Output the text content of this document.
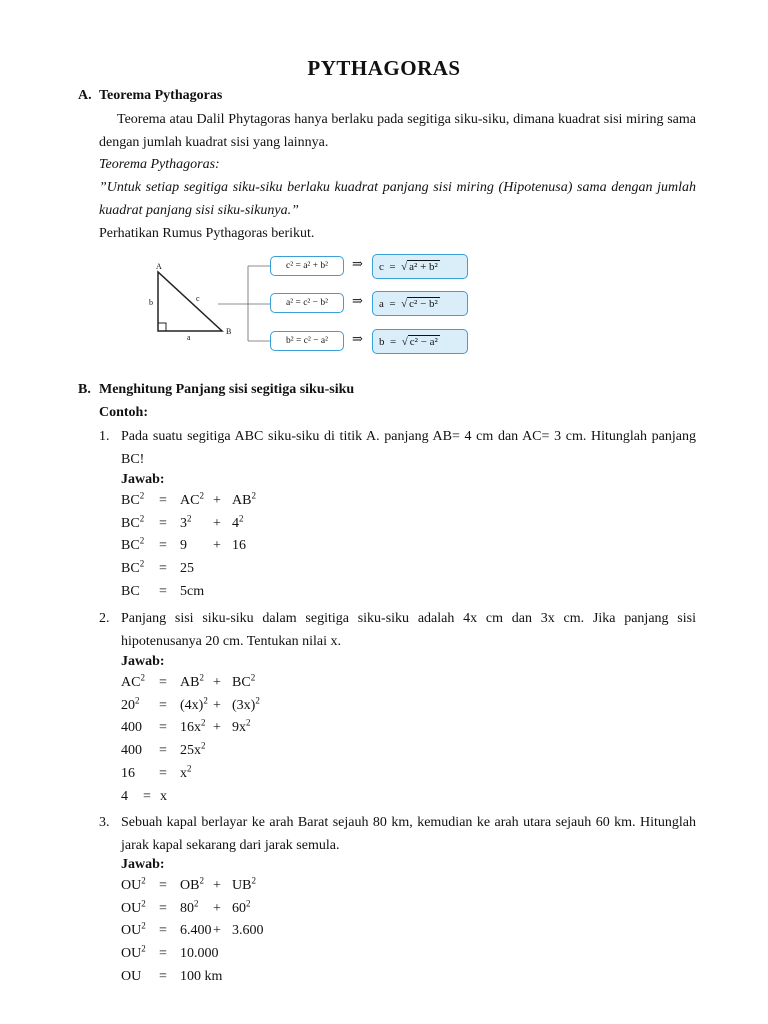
PYTHAGORAS
A. Teorema Pythagoras
Teorema atau Dalil Phytagoras hanya berlaku pada segitiga siku-siku, dimana kuadrat sisi miring sama dengan jumlah kuadrat sisi yang lainnya.
Teorema Pythagoras:
”Untuk setiap segitiga siku-siku berlaku kuadrat panjang sisi miring (Hipotenusa) sama dengan jumlah kuadrat panjang sisi siku-sikunya.”
Perhatikan Rumus Pythagoras berikut.
A
B
b	c
a
c² = a² + b² ⇒ c
= √ a² + b²
a² = c² − b² ⇒ a
= √ c² − b²
b² = c² − a² ⇒ b
= √ c² − a²
B. Menghitung Panjang sisi segitiga siku-siku
Contoh:
1. Pada suatu segitiga ABC siku-siku di titik A. panjang AB= 4 cm dan AC= 3 cm. Hitunglah panjang BC!
Jawab:
$BC^2 = AC^2 + AB^2$
$BC^2 = 3^2 + 4^2$
$BC^2 = 9 + 16$
$BC^2 = 25$
BC = 5cm
2. Panjang sisi siku-siku dalam segitiga siku-siku adalah 4x cm dan 3x cm. Jika panjang sisi hipotenusanya 20 cm. Tentukan nilai x.
Jawab:
$AC^2 = AB^2 + BC^2$
$20^2 = (4x)^2 + (3x)^2$
$400 = 16x^2 + 9x^2$
$400 = 25x^2$
$16 = x^2$
4 = x
3. Sebuah kapal berlayar ke arah Barat sejauh 80 km, kemudian ke arah utara sejauh 60 km. Hitunglah jarak kapal sekarang dari jarak semula.
Jawab:
$OU^2 = OB^2 + UB^2$
$OU^2 = 80^2 + 60^2$
$OU^2 = 6.400 + 3.600$
$OU^2 = 10.000$
OU = 100 km
